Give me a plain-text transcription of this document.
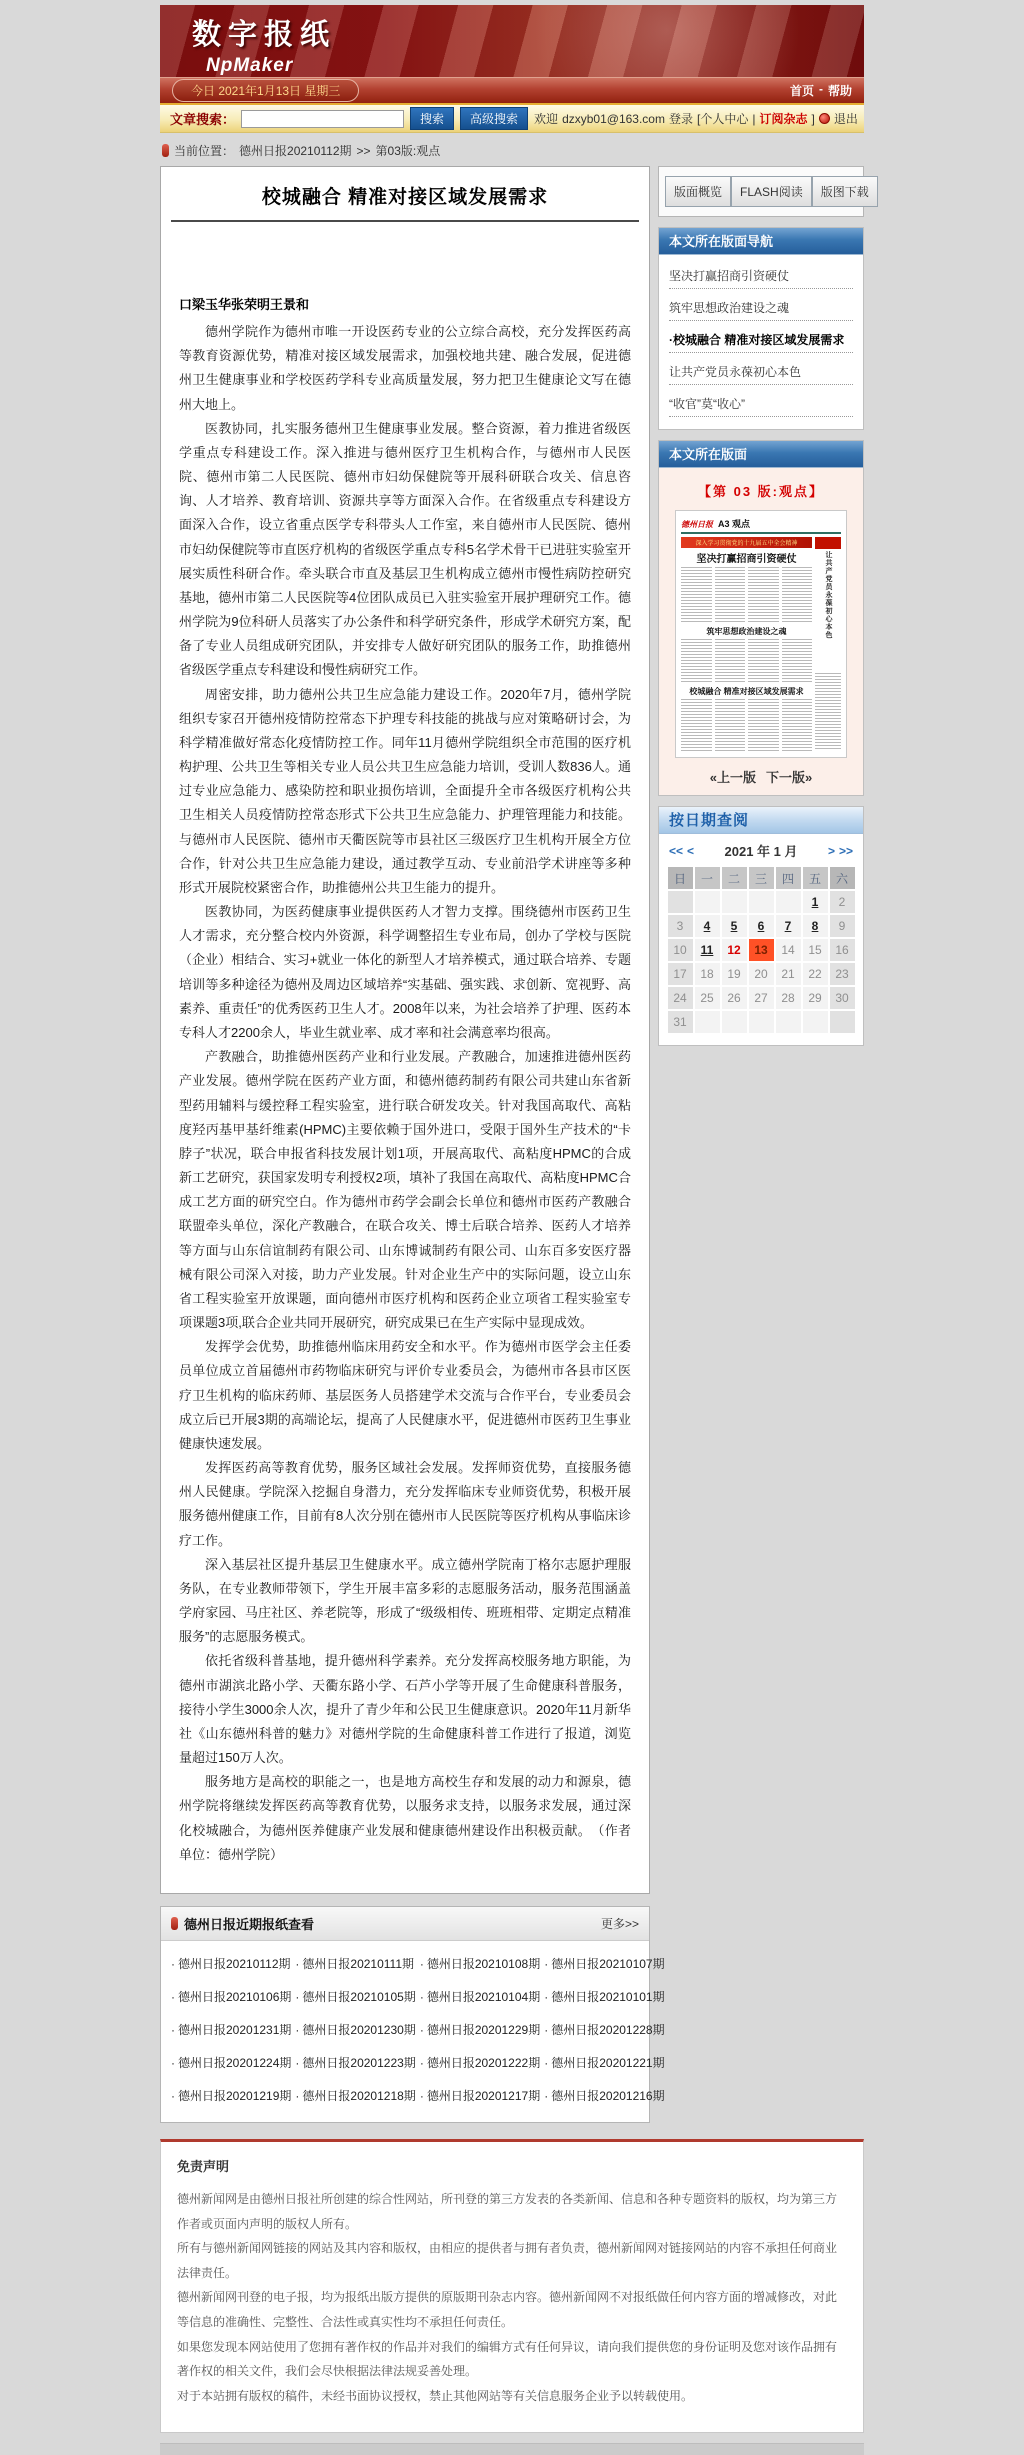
数字报纸
NpMaker
今日 2021年1月13日 星期三	首页 - 帮助
文章搜索：	搜索	高级搜索	欢迎 dzxyb01@163.com 登录 [个人中心 | 订阅杂志 ] 退出
当前位置： 德州日报20210112期 >> 第03版:观点
校城融合 精准对接区域发展需求
口梁玉华张荣明王景和

德州学院作为德州市唯一开设医药专业的公立综合高校，充分发挥医药高等教育资源优势，精准对接区域发展需求，加强校地共建、融合发展，促进德州卫生健康事业和学校医药学科专业高质量发展，努力把卫生健康论文写在德州大地上。

医教协同，扎实服务德州卫生健康事业发展。整合资源，着力推进省级医学重点专科建设工作。深入推进与德州医疗卫生机构合作，与德州市人民医院、德州市第二人民医院、德州市妇幼保健院等开展科研联合攻关、信息咨询、人才培养、教育培训、资源共享等方面深入合作。在省级重点专科建设方面深入合作，设立省重点医学专科带头人工作室，来自德州市人民医院、德州市妇幼保健院等市直医疗机构的省级医学重点专科5名学术骨干已进驻实验室开展实质性科研合作。牵头联合市直及基层卫生机构成立德州市慢性病防控研究基地，德州市第二人民医院等4位团队成员已入驻实验室开展护理研究工作。德州学院为9位科研人员落实了办公条件和科学研究条件，形成学术研究方案，配备了专业人员组成研究团队，并安排专人做好研究团队的服务工作，助推德州省级医学重点专科建设和慢性病研究工作。

周密安排，助力德州公共卫生应急能力建设工作。2020年7月，德州学院组织专家召开德州疫情防控常态下护理专科技能的挑战与应对策略研讨会，为科学精准做好常态化疫情防控工作。同年11月德州学院组织全市范围的医疗机构护理、公共卫生等相关专业人员公共卫生应急能力培训，受训人数836人。通过专业应急能力、感染防控和职业损伤培训，全面提升全市各级医疗机构公共卫生相关人员疫情防控常态形式下公共卫生应急能力、护理管理能力和技能。与德州市人民医院、德州市天衢医院等市县社区三级医疗卫生机构开展全方位合作，针对公共卫生应急能力建设，通过教学互动、专业前沿学术讲座等多种形式开展院校紧密合作，助推德州公共卫生能力的提升。

医教协同，为医药健康事业提供医药人才智力支撑。围绕德州市医药卫生人才需求，充分整合校内外资源，科学调整招生专业布局，创办了学校与医院（企业）相结合、实习+就业一体化的新型人才培养模式，通过联合培养、专题培训等多种途径为德州及周边区域培养“实基础、强实践、求创新、宽视野、高素养、重责任”的优秀医药卫生人才。2008年以来，为社会培养了护理、医药本专科人才2200余人，毕业生就业率、成才率和社会满意率均很高。

产教融合，助推德州医药产业和行业发展。产教融合，加速推进德州医药产业发展。德州学院在医药产业方面，和德州德药制药有限公司共建山东省新型药用辅料与缓控释工程实验室，进行联合研发攻关。针对我国高取代、高粘度羟丙基甲基纤维素(HPMC)主要依赖于国外进口，受限于国外生产技术的“卡脖子”状况，联合申报省科技发展计划1项，开展高取代、高粘度HPMC的合成新工艺研究，获国家发明专利授权2项，填补了我国在高取代、高粘度HPMC合成工艺方面的研究空白。作为德州市药学会副会长单位和德州市医药产教融合联盟牵头单位，深化产教融合，在联合攻关、博士后联合培养、医药人才培养等方面与山东信谊制药有限公司、山东博诚制药有限公司、山东百多安医疗器械有限公司深入对接，助力产业发展。针对企业生产中的实际问题，设立山东省工程实验室开放课题，面向德州市医疗机构和医药企业立项省工程实验室专项课题3项,联合企业共同开展研究，研究成果已在生产实际中显现成效。

发挥学会优势，助推德州临床用药安全和水平。作为德州市医学会主任委员单位成立首届德州市药物临床研究与评价专业委员会，为德州市各县市区医疗卫生机构的临床药师、基层医务人员搭建学术交流与合作平台，专业委员会成立后已开展3期的高端论坛，提高了人民健康水平，促进德州市医药卫生事业健康快速发展。

发挥医药高等教育优势，服务区域社会发展。发挥师资优势，直接服务德州人民健康。学院深入挖掘自身潜力，充分发挥临床专业师资优势，积极开展服务德州健康工作，目前有8人次分别在德州市人民医院等医疗机构从事临床诊疗工作。

深入基层社区提升基层卫生健康水平。成立德州学院南丁格尔志愿护理服务队，在专业教师带领下，学生开展丰富多彩的志愿服务活动，服务范围涵盖学府家园、马庄社区、养老院等，形成了“级级相传、班班相带、定期定点精准服务”的志愿服务模式。

依托省级科普基地，提升德州科学素养。充分发挥高校服务地方职能，为德州市湖滨北路小学、天衢东路小学、石芦小学等开展了生命健康科普服务，接待小学生3000余人次，提升了青少年和公民卫生健康意识。2020年11月新华社《山东德州科普的魅力》对德州学院的生命健康科普工作进行了报道，浏览量超过150万人次。

服务地方是高校的职能之一，也是地方高校生存和发展的动力和源泉，德州学院将继续发挥医药高等教育优势，以服务求支持，以服务求发展，通过深化校城融合，为德州医养健康产业发展和健康德州建设作出积极贡献。　（作者单位：德州学院）

德州日报近期报纸查看	更多>>
· 德州日报20210112期 · 德州日报20210111期 · 德州日报20210108期 · 德州日报20210107期
· 德州日报20210106期 · 德州日报20210105期 · 德州日报20210104期 · 德州日报20210101期
· 德州日报20201231期 · 德州日报20201230期 · 德州日报20201229期 · 德州日报20201228期
· 德州日报20201224期 · 德州日报20201223期 · 德州日报20201222期 · 德州日报20201221期
· 德州日报20201219期 · 德州日报20201218期 · 德州日报20201217期 · 德州日报20201216期
版面概览	FLASH阅读	版图下载
本文所在版面导航
坚决打赢招商引资硬仗
筑牢思想政治建设之魂
·校城融合 精准对接区域发展需求
让共产党员永葆初心本色
“收官”莫“收心”
本文所在版面
【第 03 版:观点】
德州日报 A3 观点
深入学习贯彻党的十九届五中全会精神
坚决打赢招商引资硬仗
筑牢思想政治建设之魂
校城融合 精准对接区域发展需求
让共产党员永葆初心本色
«上一版 下一版»
按日期查阅
<< <	2021 年 1 月	> >>
日	一	二	三	四	五	六
					1	2
3	4	5	6	7	8	9
10	11	12	13	14	15	16
17	18	19	20	21	22	23
24	25	26	27	28	29	30
31						
免责声明

德州新闻网是由德州日报社所创建的综合性网站，所刊登的第三方发表的各类新闻、信息和各种专题资料的版权，均为第三方作者或页面内声明的版权人所有。

所有与德州新闻网链接的网站及其内容和版权，由相应的提供者与拥有者负责，德州新闻网对链接网站的内容不承担任何商业法律责任。

德州新闻网刊登的电子报，均为报纸出版方提供的原版期刊杂志内容。德州新闻网不对报纸做任何内容方面的增减修改，对此等信息的准确性、完整性、合法性或真实性均不承担任何责任。

如果您发现本网站使用了您拥有著作权的作品并对我们的编辑方式有任何异议，请向我们提供您的身份证明及您对该作品拥有著作权的相关文件，我们会尽快根据法律法规妥善处理。

对于本站拥有版权的稿件，未经书面协议授权，禁止其他网站等有关信息服务企业予以转载使用。
